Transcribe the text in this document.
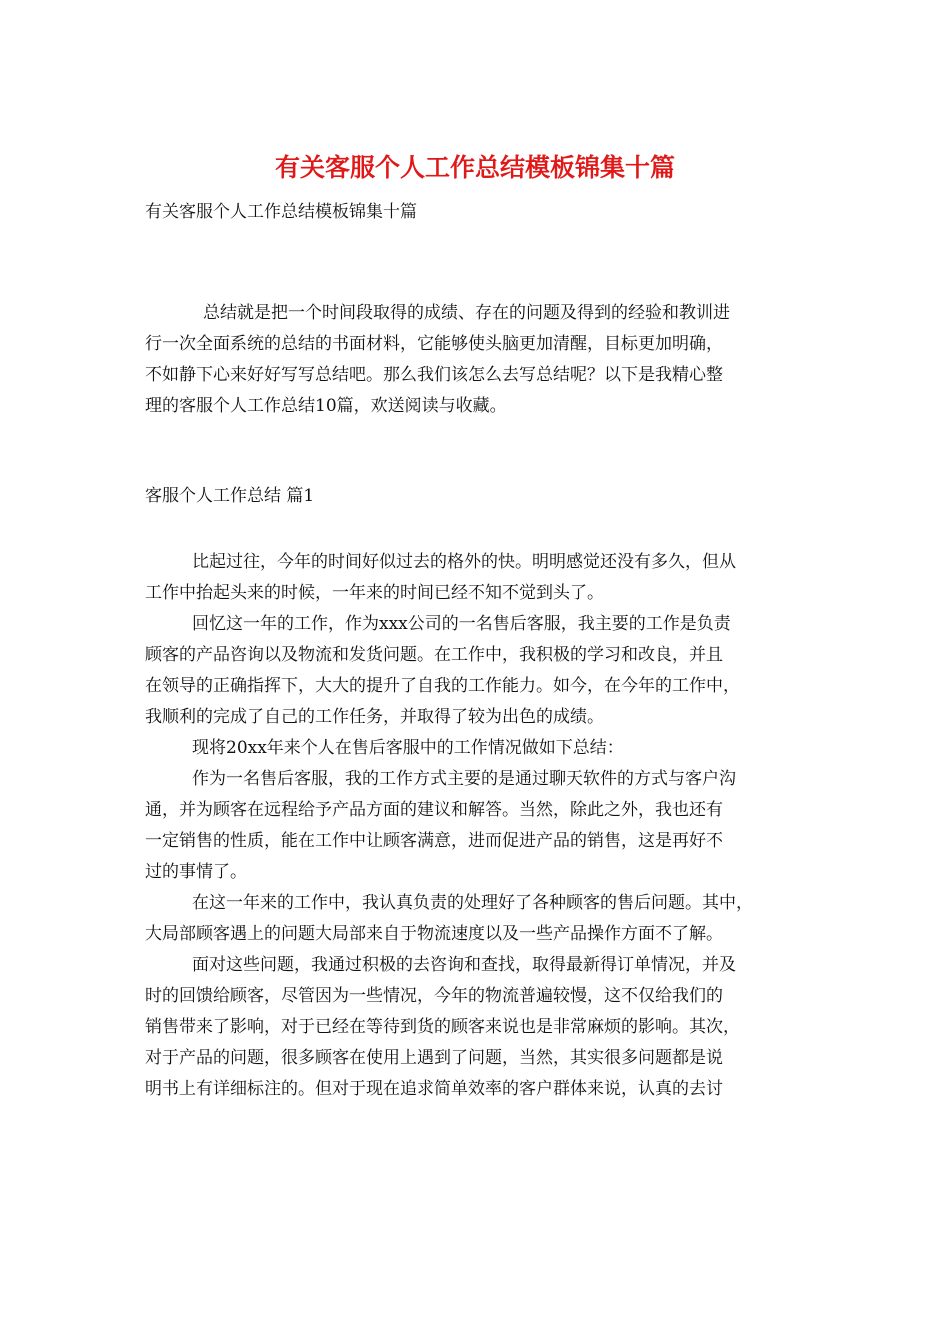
有关客服个人工作总结模板锦集十篇
有关客服个人工作总结模板锦集十篇
总结就是把一个时间段取得的成绩、存在的问题及得到的经验和教训进
行一次全面系统的总结的书面材料，它能够使头脑更加清醒，目标更加明确，
不如静下心来好好写写总结吧。那么我们该怎么去写总结呢？以下是我精心整
理的客服个人工作总结10篇，欢送阅读与收藏。
客服个人工作总结 篇1
比起过往，今年的时间好似过去的格外的快。明明感觉还没有多久，但从
工作中抬起头来的时候，一年来的时间已经不知不觉到头了。
回忆这一年的工作，作为xxx公司的一名售后客服，我主要的工作是负责
顾客的产品咨询以及物流和发货问题。在工作中，我积极的学习和改良，并且
在领导的正确指挥下，大大的提升了自我的工作能力。如今，在今年的工作中，
我顺利的完成了自己的工作任务，并取得了较为出色的成绩。
现将20xx年来个人在售后客服中的工作情况做如下总结：
作为一名售后客服，我的工作方式主要的是通过聊天软件的方式与客户沟
通，并为顾客在远程给予产品方面的建议和解答。当然，除此之外，我也还有
一定销售的性质，能在工作中让顾客满意，进而促进产品的销售，这是再好不
过的事情了。
在这一年来的工作中，我认真负责的处理好了各种顾客的售后问题。其中，
大局部顾客遇上的问题大局部来自于物流速度以及一些产品操作方面不了解。
面对这些问题，我通过积极的去咨询和查找，取得最新得订单情况，并及
时的回馈给顾客，尽管因为一些情况，今年的物流普遍较慢，这不仅给我们的
销售带来了影响，对于已经在等待到货的顾客来说也是非常麻烦的影响。其次，
对于产品的问题，很多顾客在使用上遇到了问题，当然，其实很多问题都是说
明书上有详细标注的。但对于现在追求简单效率的客户群体来说，认真的去讨
